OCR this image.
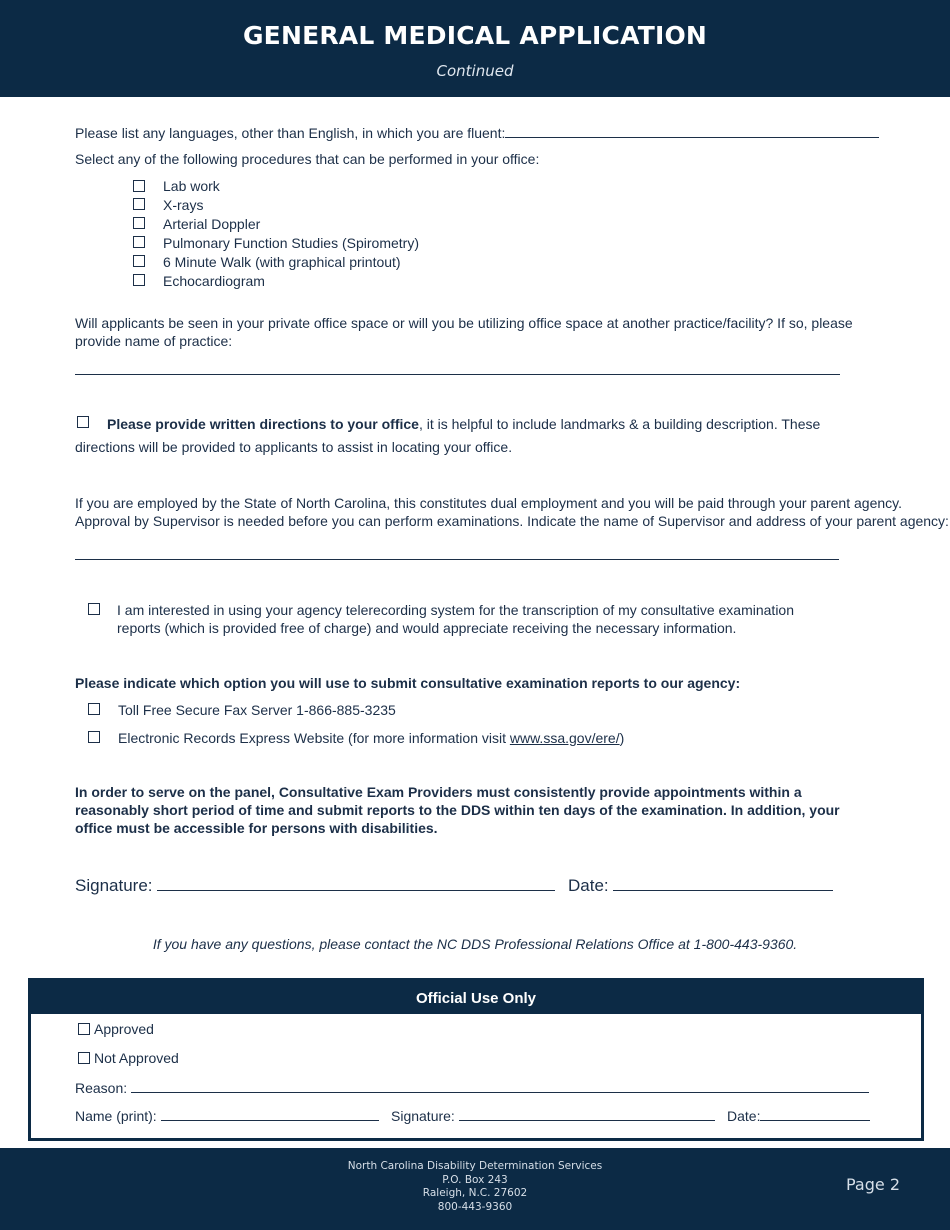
GENERAL MEDICAL APPLICATION
Continued
Please list any languages, other than English, in which you are fluent:
Select any of the following procedures that can be performed in your office:
Lab work
X-rays
Arterial Doppler
Pulmonary Function Studies (Spirometry)
6 Minute Walk (with graphical printout)
Echocardiogram
Will applicants be seen in your private office space or will you be utilizing office space at another practice/facility? If so, please provide name of practice:
Please provide written directions to your office, it is helpful to include landmarks & a building description. These directions will be provided to applicants to assist in locating your office.
If you are employed by the State of North Carolina, this constitutes dual employment and you will be paid through your parent agency.
Approval by Supervisor is needed before you can perform examinations. Indicate the name of Supervisor and address of your parent agency:
I am interested in using your agency telerecording system for the transcription of my consultative examination reports (which is provided free of charge) and would appreciate receiving the necessary information.
Please indicate which option you will use to submit consultative examination reports to our agency:
Toll Free Secure Fax Server 1-866-885-3235
Electronic Records Express Website (for more information visit www.ssa.gov/ere/)
In order to serve on the panel, Consultative Exam Providers must consistently provide appointments within a reasonably short period of time and submit reports to the DDS within ten days of the examination. In addition, your office must be accessible for persons with disabilities.
Signature:	Date:
If you have any questions, please contact the NC DDS Professional Relations Office at 1-800-443-9360.
Official Use Only
Approved
Not Approved
Reason:
Name (print):	Signature:	Date:
North Carolina Disability Determination Services
P.O. Box 243
Raleigh, N.C. 27602
800-443-9360
Page 2
